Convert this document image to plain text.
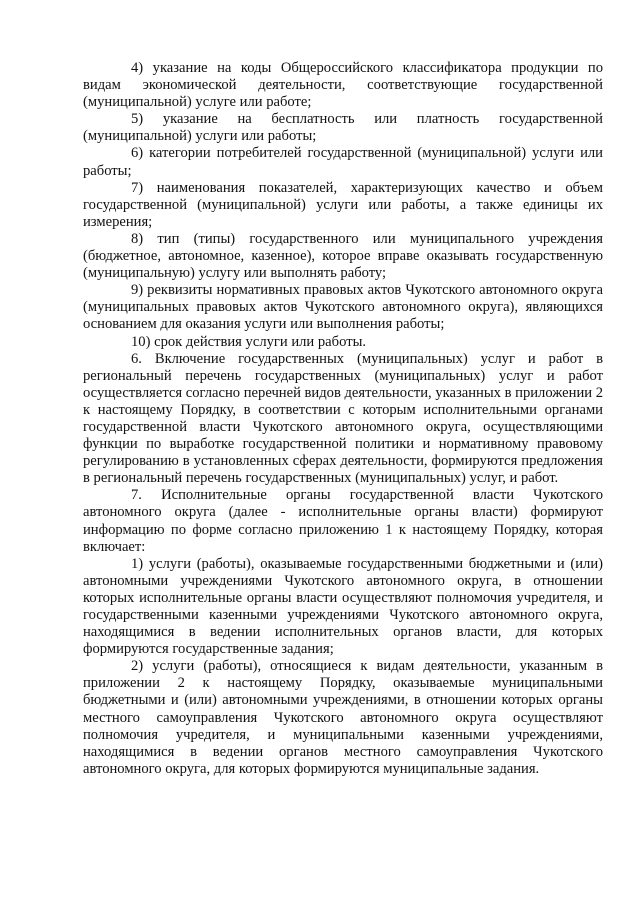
4) указание на коды Общероссийского классификатора продукции по видам экономической деятельности, соответствующие государственной (муниципальной) услуге или работе;

5) указание на бесплатность или платность государственной (муниципальной) услуги или работы;

6) категории потребителей государственной (муниципальной) услуги или работы;

7) наименования показателей, характеризующих качество и объем государственной (муниципальной) услуги или работы, а также единицы их измерения;

8) тип (типы) государственного или муниципального учреждения (бюджетное, автономное, казенное), которое вправе оказывать государственную (муниципальную) услугу или выполнять работу;

9) реквизиты нормативных правовых актов Чукотского автономного округа (муниципальных правовых актов Чукотского автономного округа), являющихся основанием для оказания услуги или выполнения работы;

10) срок действия услуги или работы.

6. Включение государственных (муниципальных) услуг и работ в региональный перечень государственных (муниципальных) услуг и работ осуществляется согласно перечней видов деятельности, указанных в приложении 2 к настоящему Порядку, в соответствии с которым исполнительными органами государственной власти Чукотского автономного округа, осуществляющими функции по выработке государственной политики и нормативному правовому регулированию в установленных сферах деятельности, формируются предложения в региональный перечень государственных (муниципальных) услуг, и работ.

7. Исполнительные органы государственной власти Чукотского автономного округа (далее - исполнительные органы власти) формируют информацию по форме согласно приложению 1 к настоящему Порядку, которая включает:

1) услуги (работы), оказываемые государственными бюджетными и (или) автономными учреждениями Чукотского автономного округа, в отношении которых исполнительные органы власти осуществляют полномочия учредителя, и государственными казенными учреждениями Чукотского автономного округа, находящимися в ведении исполнительных органов власти, для которых формируются государственные задания;

2) услуги (работы), относящиеся к видам деятельности, указанным в приложении 2 к настоящему Порядку, оказываемые муниципальными бюджетными и (или) автономными учреждениями, в отношении которых органы местного самоуправления Чукотского автономного округа осуществляют полномочия учредителя, и муниципальными казенными учреждениями, находящимися в ведении органов местного самоуправления Чукотского автономного округа, для которых формируются муниципальные задания.
